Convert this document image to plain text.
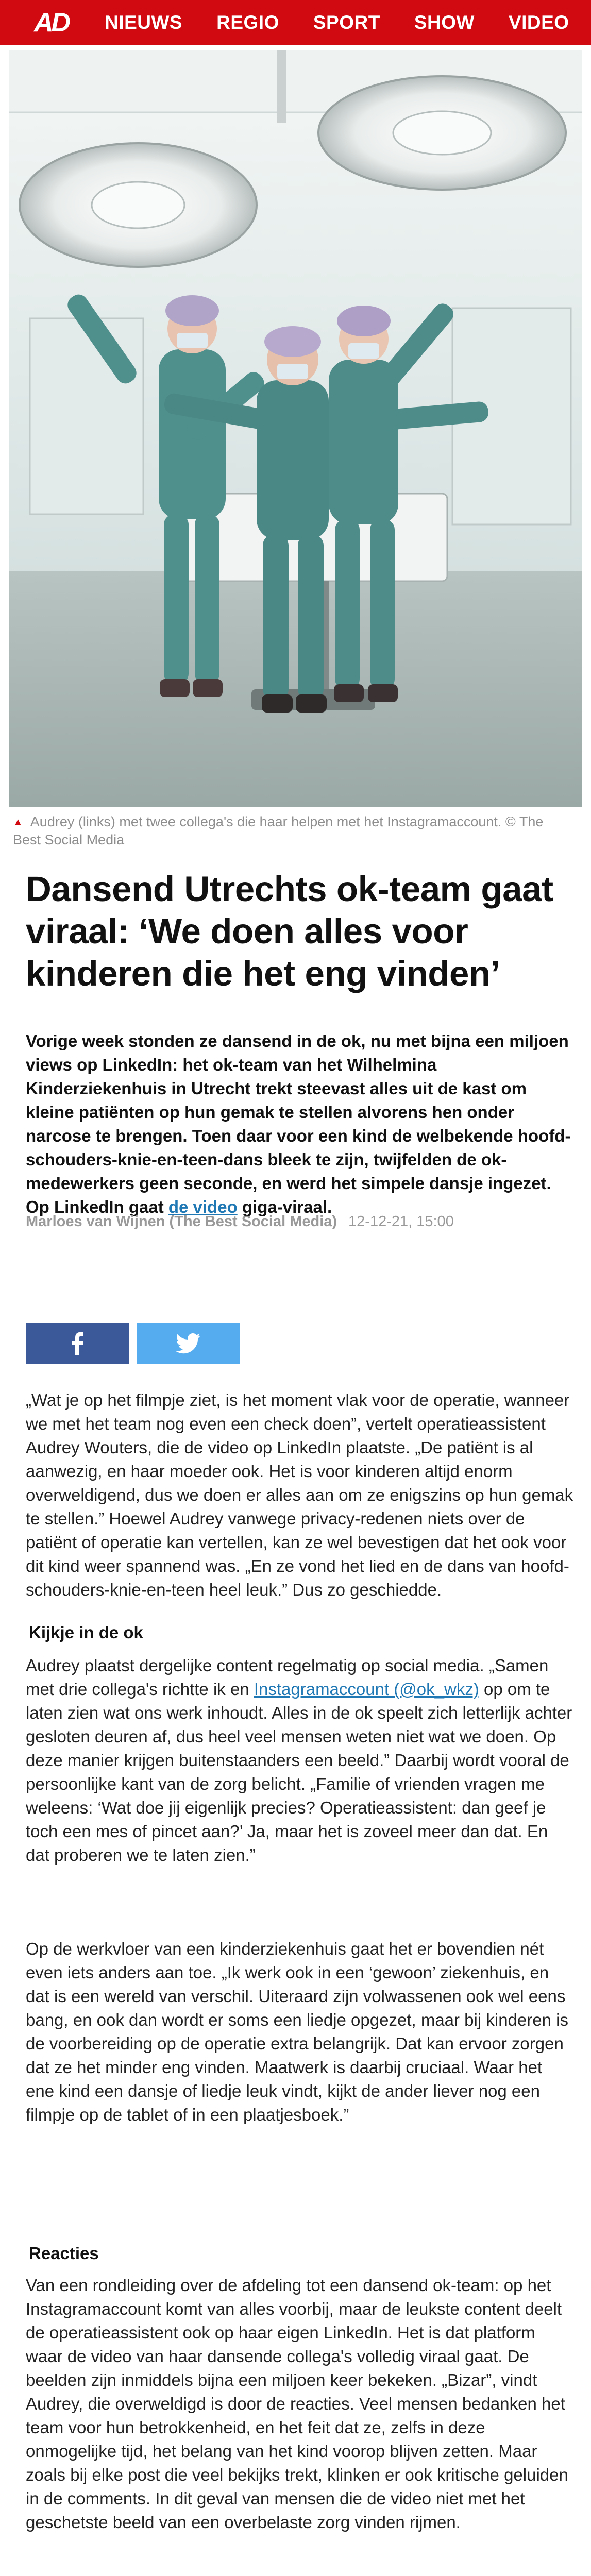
AD NIEUWS REGIO SPORT SHOW VIDEO
▲ Audrey (links) met twee collega's die haar helpen met het Instagramaccount. © The Best Social Media
Dansend Utrechts ok-team gaat viraal: ‘We doen alles voor kinderen die het eng vinden’

Vorige week stonden ze dansend in de ok, nu met bijna een miljoen views op LinkedIn: het ok-team van het Wilhelmina Kinderziekenhuis in Utrecht trekt steevast alles uit de kast om kleine patiënten op hun gemak te stellen alvorens hen onder narcose te brengen. Toen daar voor een kind de welbekende hoofd-schouders-knie-en-teen-dans bleek te zijn, twijfelden de ok-medewerkers geen seconde, en werd het simpele dansje ingezet. Op LinkedIn gaat de video giga-viraal.

Marloes van Wijnen (The Best Social Media) 12-12-21, 15:00

„Wat je op het filmpje ziet, is het moment vlak voor de operatie, wanneer we met het team nog even een check doen”, vertelt operatieassistent Audrey Wouters, die de video op LinkedIn plaatste. „De patiënt is al aanwezig, en haar moeder ook. Het is voor kinderen altijd enorm overweldigend, dus we doen er alles aan om ze enigszins op hun gemak te stellen.” Hoewel Audrey vanwege privacy-redenen niets over de patiënt of operatie kan vertellen, kan ze wel bevestigen dat het ook voor dit kind weer spannend was. „En ze vond het lied en de dans van hoofd-schouders-knie-en-teen heel leuk.” Dus zo geschiedde.

Kijkje in de ok

Audrey plaatst dergelijke content regelmatig op social media. „Samen met drie collega's richtte ik en Instagramaccount (@ok_wkz) op om te laten zien wat ons werk inhoudt. Alles in de ok speelt zich letterlijk achter gesloten deuren af, dus heel veel mensen weten niet wat we doen. Op deze manier krijgen buitenstaanders een beeld.” Daarbij wordt vooral de persoonlijke kant van de zorg belicht. „Familie of vrienden vragen me weleens: ‘Wat doe jij eigenlijk precies? Operatieassistent: dan geef je toch een mes of pincet aan?’ Ja, maar het is zoveel meer dan dat. En dat proberen we te laten zien.”

Op de werkvloer van een kinderziekenhuis gaat het er bovendien nét even iets anders aan toe. „Ik werk ook in een ‘gewoon’ ziekenhuis, en dat is een wereld van verschil. Uiteraard zijn volwassenen ook wel eens bang, en ook dan wordt er soms een liedje opgezet, maar bij kinderen is de voorbereiding op de operatie extra belangrijk. Dat kan ervoor zorgen dat ze het minder eng vinden. Maatwerk is daarbij cruciaal. Waar het ene kind een dansje of liedje leuk vindt, kijkt de ander liever nog een filmpje op de tablet of in een plaatjesboek.”

Reacties

Van een rondleiding over de afdeling tot een dansend ok-team: op het Instagramaccount komt van alles voorbij, maar de leukste content deelt de operatieassistent ook op haar eigen LinkedIn. Het is dat platform waar de video van haar dansende collega's volledig viraal gaat. De beelden zijn inmiddels bijna een miljoen keer bekeken. „Bizar”, vindt Audrey, die overweldigd is door de reacties. Veel mensen bedanken het team voor hun betrokkenheid, en het feit dat ze, zelfs in deze onmogelijke tijd, het belang van het kind voorop blijven zetten. Maar zoals bij elke post die veel bekijks trekt, klinken er ook kritische geluiden in de comments. In dit geval van mensen die de video niet met het geschetste beeld van een overbelaste zorg vinden rijmen.
